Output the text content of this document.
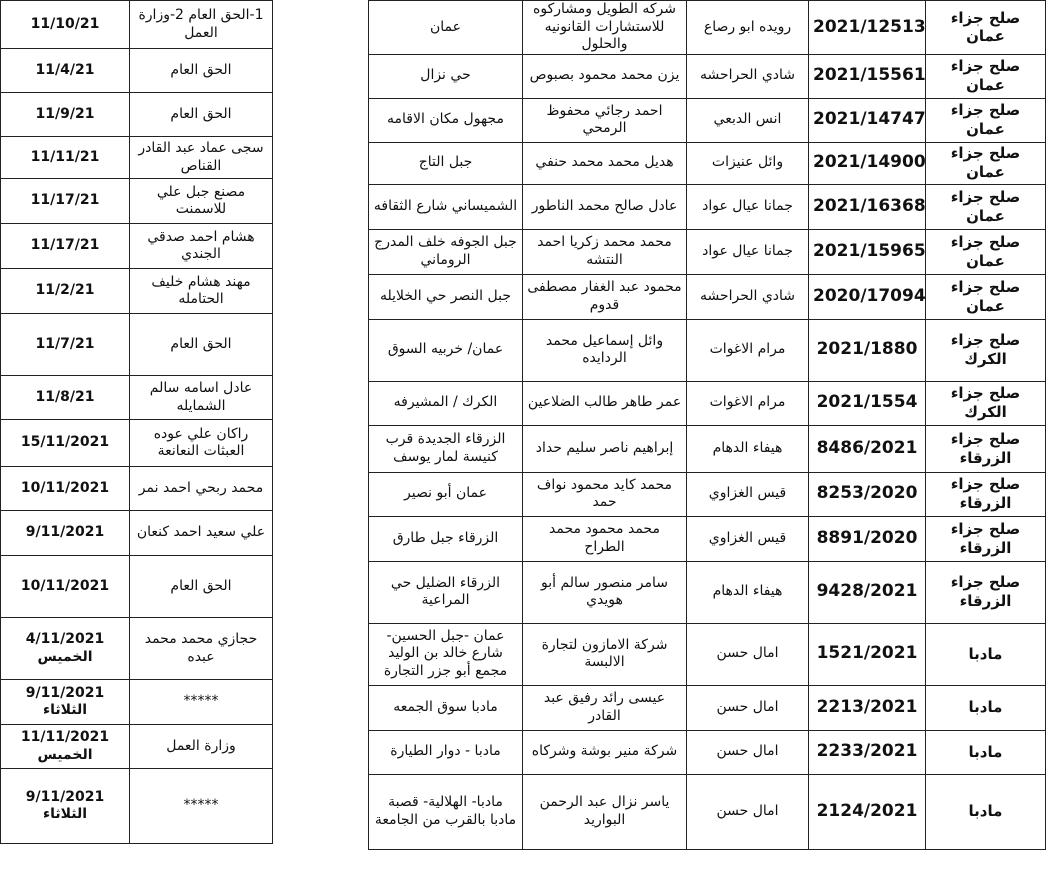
صلح جزاء عمان	2021/12513	رويده ابو رصاع	شركه الطويل ومشاركوه للاستشارات القانونيه والحلول	عمان
صلح جزاء عمان	2021/15561	شادي الحراحشه	يزن محمد محمود بصبوص	حي نزال
صلح جزاء عمان	2021/14747	انس الدبعي	احمد رجائي محفوظ الرمحي	مجهول مكان الاقامه
صلح جزاء عمان	2021/14900	وائل عنيزات	هديل محمد محمد حنفي	جبل التاج
صلح جزاء عمان	2021/16368	جمانا عيال عواد	عادل صالح محمد الناطور	الشميساني شارع الثقافه
صلح جزاء عمان	2021/15965	جمانا عيال عواد	محمد محمد زكريا احمد النتشه	جبل الجوفه خلف المدرج الروماني
صلح جزاء عمان	2020/17094	شادي الحراحشه	محمود عبد الغفار مصطفى قدوم	جبل النصر حي الخلايله
صلح جزاء الكرك	2021/1880	مرام الاغوات	وائل إسماعيل محمد الردايده	عمان/ خربيه السوق
صلح جزاء الكرك	2021/1554	مرام الاغوات	عمر طاهر طالب الضلاعين	الكرك / المشيرفه
صلح جزاء الزرقاء	8486/2021	هيفاء الدهام	إبراهيم ناصر سليم حداد	الزرقاء الجديدة قرب كنيسة لمار يوسف
صلح جزاء الزرقاء	8253/2020	قيس الغزاوي	محمد كايد محمود نواف حمد	عمان أبو نصير
صلح جزاء الزرقاء	8891/2020	قيس الغزاوي	محمد محمود محمد الطراح	الزرقاء جبل طارق
صلح جزاء الزرقاء	9428/2021	هيفاء الدهام	سامر منصور سالم أبو هويدي	الزرقاء الضليل حي المراعية
مادبا	1521/2021	امال حسن	شركة الامازون لتجارة الالبسة	عمان -جبل الحسين- شارع خالد بن الوليد مجمع أبو جزر التجارة
مادبا	2213/2021	امال حسن	عيسى رائد رفيق عبد القادر	مادبا سوق الجمعه
مادبا	2233/2021	امال حسن	شركة منير بوشة وشركاه	مادبا - دوار الطيارة
مادبا	2124/2021	امال حسن	ياسر نزال عبد الرحمن البواريد	مادبا- الهلالية- قصبة مادبا بالقرب من الجامعة
1-الحق العام 2-وزارة العمل	11/10/21
الحق العام	11/4/21
الحق العام	11/9/21
سجى عماد عبد القادر القناص	11/11/21
مصنع جبل علي للاسمنت	11/17/21
هشام احمد صدقي الجندي	11/17/21
مهند هشام خليف الحتامله	11/2/21
الحق العام	11/7/21
عادل اسامه سالم الشمايله	11/8/21
راكان علي عوده العبثات النعانعة	15/11/2021
محمد ربحي احمد نمر	10/11/2021
علي سعيد احمد كنعان	9/11/2021
الحق العام	10/11/2021
حجازي محمد محمد عبده	4/11/2021 الخميس
*****	9/11/2021 الثلاثاء
وزارة العمل	11/11/2021 الخميس
*****	9/11/2021 الثلاثاء
